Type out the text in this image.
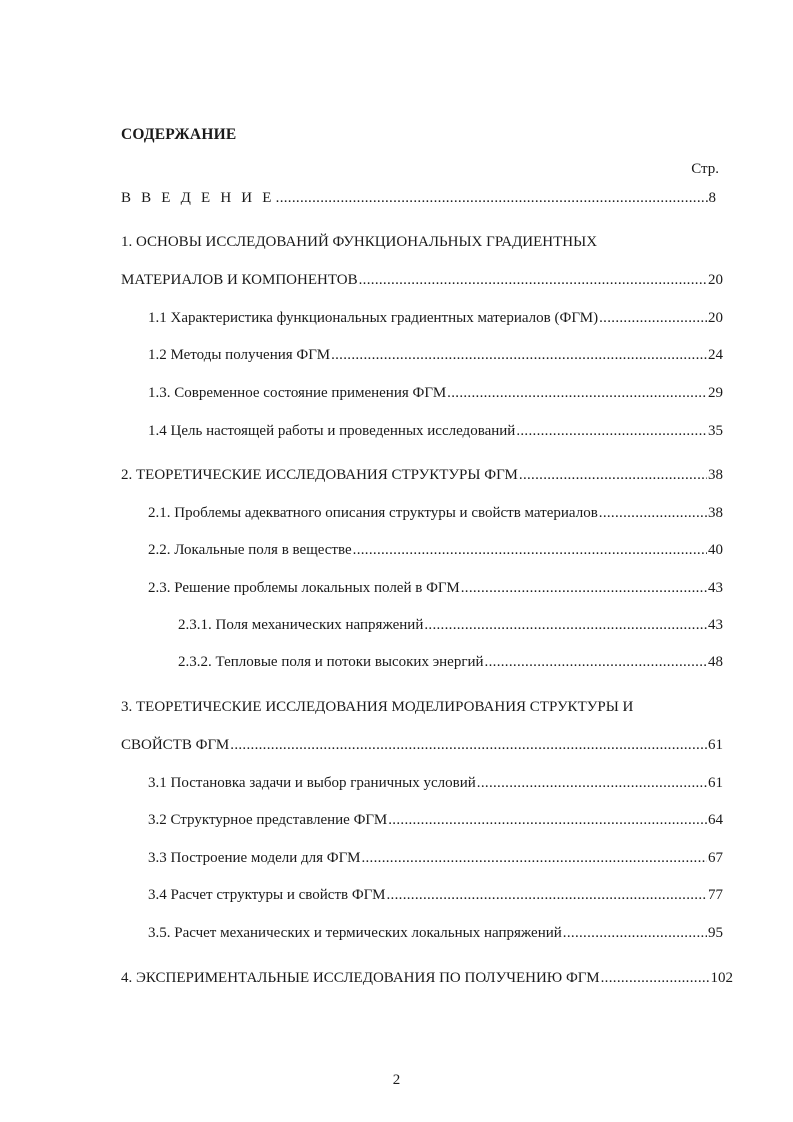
СОДЕРЖАНИЕ
Стр.
В В Е Д Е Н И Е .....	8
1. ОСНОВЫ ИССЛЕДОВАНИЙ ФУНКЦИОНАЛЬНЫХ ГРАДИЕНТНЫХ
МАТЕРИАЛОВ И КОМПОНЕНТОВ .....	20
1.1 Характеристика функциональных градиентных материалов (ФГМ) .....	20
1.2 Методы получения ФГМ .....	24
1.3. Современное состояние применения ФГМ .....	29
1.4 Цель настоящей работы и проведенных исследований .....	35
2. ТЕОРЕТИЧЕСКИЕ ИССЛЕДОВАНИЯ СТРУКТУРЫ ФГМ .....	38
2.1. Проблемы адекватного описания структуры и свойств материалов .....	38
2.2. Локальные поля в веществе .....	40
2.3. Решение проблемы локальных полей в ФГМ .....	43
2.3.1. Поля механических напряжений .....	43
2.3.2. Тепловые поля и потоки высоких энергий .....	48
3. ТЕОРЕТИЧЕСКИЕ ИССЛЕДОВАНИЯ МОДЕЛИРОВАНИЯ СТРУКТУРЫ И
СВОЙСТВ ФГМ .....	61
3.1 Постановка задачи и выбор граничных условий .....	61
3.2 Структурное представление ФГМ .....	64
3.3 Построение модели для ФГМ .....	67
3.4 Расчет структуры и свойств ФГМ .....	77
3.5. Расчет механических и термических локальных напряжений .....	95
4. ЭКСПЕРИМЕНТАЛЬНЫЕ ИССЛЕДОВАНИЯ ПО ПОЛУЧЕНИЮ ФГМ .....	102
2
